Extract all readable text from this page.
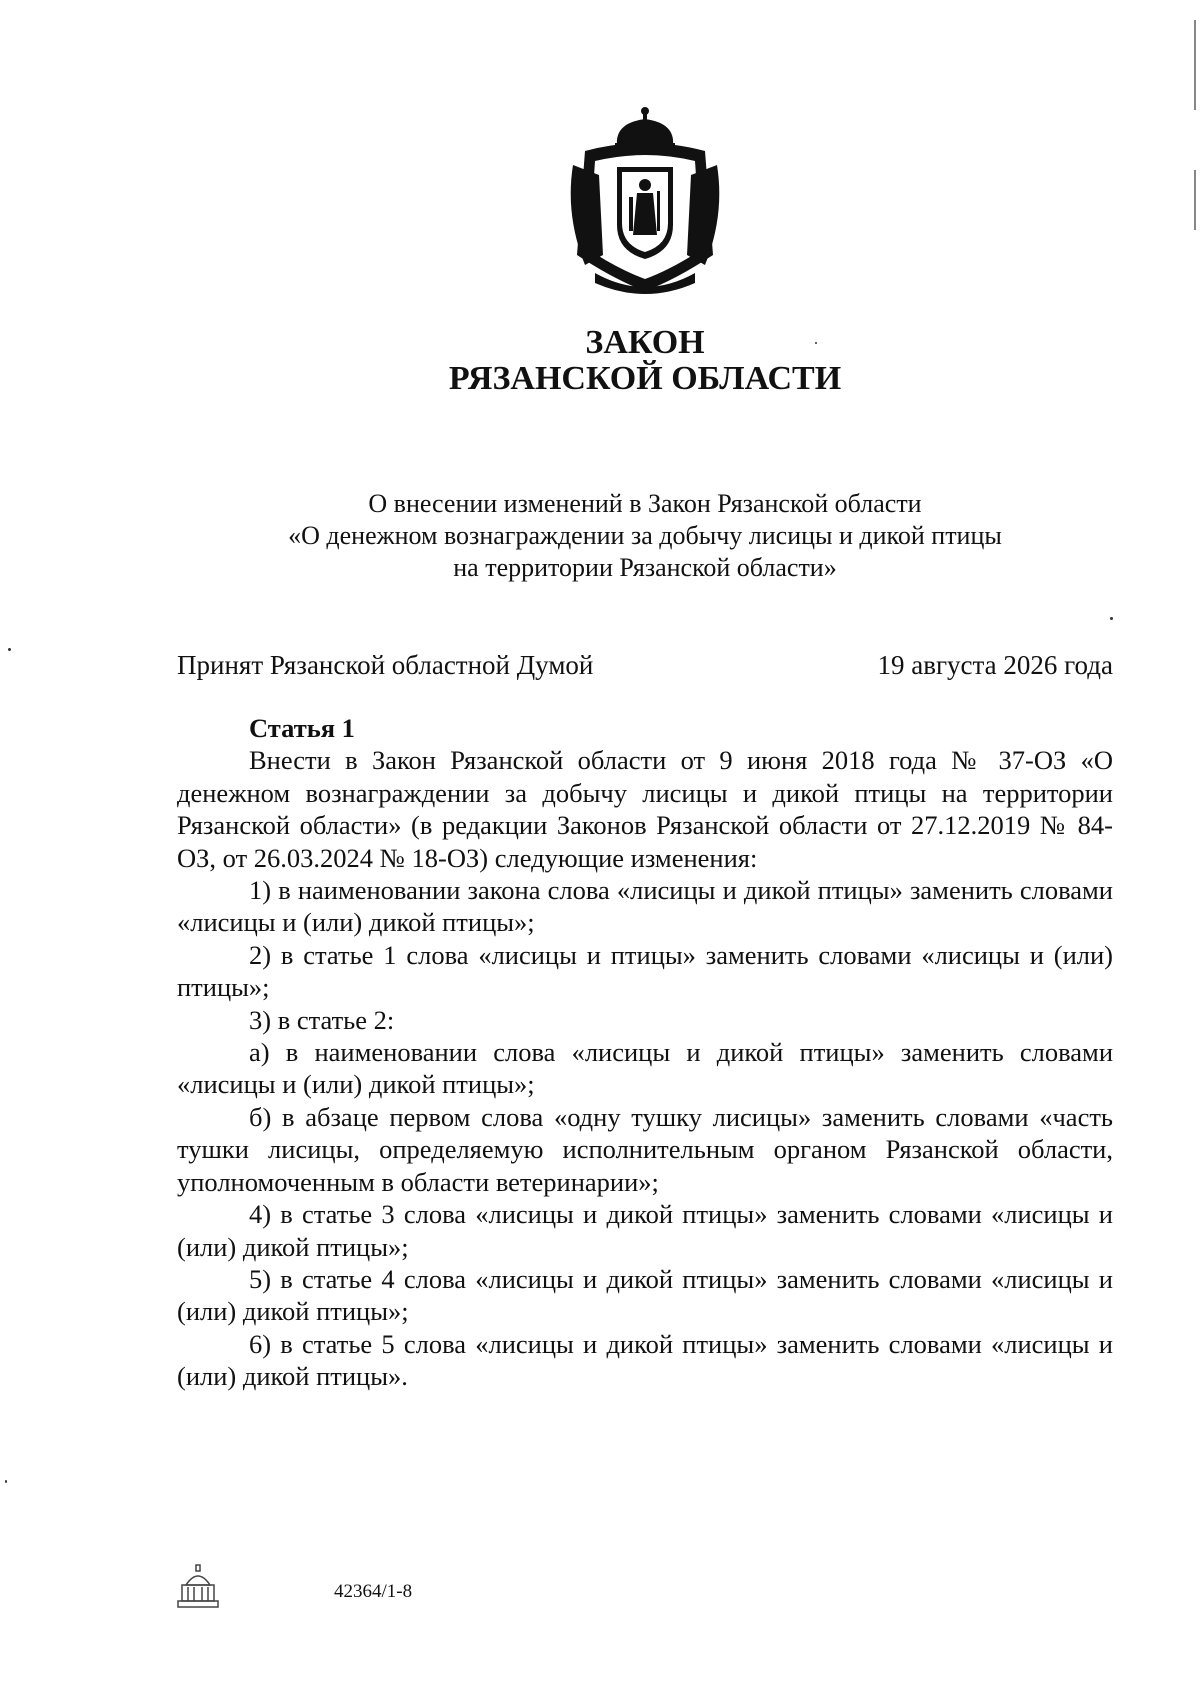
ЗАКОН
РЯЗАНСКОЙ ОБЛАСТИ
О внесении изменений в Закон Рязанской области
«О денежном вознаграждении за добычу лисицы и дикой птицы
на территории Рязанской области»
Принят Рязанской областной Думой	19 августа 2026 года
Статья 1

Внести в Закон Рязанской области от 9 июня 2018 года № 37-ОЗ «О денежном вознаграждении за добычу лисицы и дикой птицы на территории Рязанской области» (в редакции Законов Рязанской области от 27.12.2019 № 84-ОЗ, от 26.03.2024 № 18-ОЗ) следующие изменения:

1) в наименовании закона слова «лисицы и дикой птицы» заменить словами «лисицы и (или) дикой птицы»;

2) в статье 1 слова «лисицы и птицы» заменить словами «лисицы и (или) птицы»;

3) в статье 2:

а) в наименовании слова «лисицы и дикой птицы» заменить словами «лисицы и (или) дикой птицы»;

б) в абзаце первом слова «одну тушку лисицы» заменить словами «часть тушки лисицы, определяемую исполнительным органом Рязанской области, уполномоченным в области ветеринарии»;

4) в статье 3 слова «лисицы и дикой птицы» заменить словами «лисицы и (или) дикой птицы»;

5) в статье 4 слова «лисицы и дикой птицы» заменить словами «лисицы и (или) дикой птицы»;

6) в статье 5 слова «лисицы и дикой птицы» заменить словами «лисицы и (или) дикой птицы».

42364/1-8
